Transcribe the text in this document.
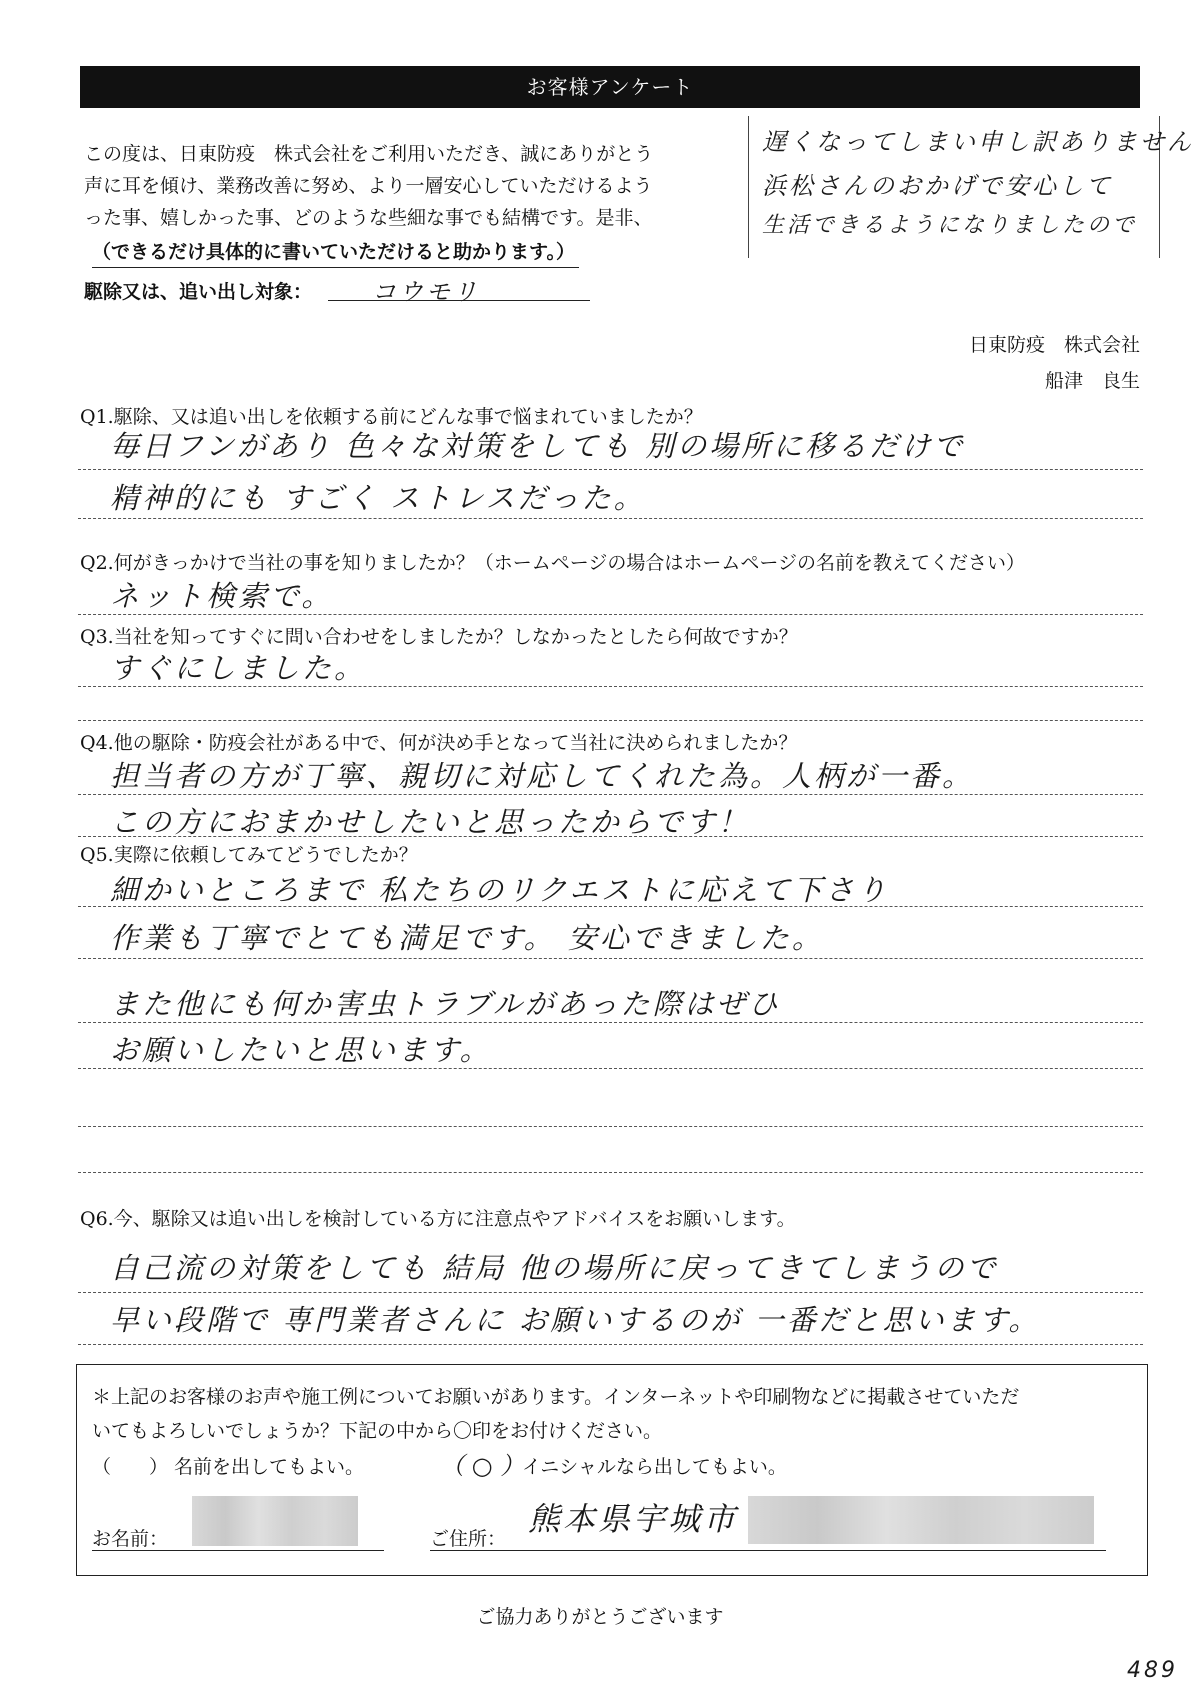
お客様アンケート
この度は、日東防疫　株式会社をご利用いただき、誠にありがとう
声に耳を傾け、業務改善に努め、より一層安心していただけるよう
った事、嬉しかった事、どのような些細な事でも結構です。是非、
（できるだけ具体的に書いていただけると助かります。）
駆除又は、追い出し対象： コウモリ
遅くなってしまい申し訳ありません
浜松さんのおかげで安心して
生活できるようになりましたので
日東防疫　株式会社
船津　良生
Q1.駆除、又は追い出しを依頼する前にどんな事で悩まれていましたか？
毎日フンがあり 色々な対策をしても 別の場所に移るだけで
精神的にも すごく ストレスだった。
Q2.何がきっかけで当社の事を知りましたか？（ホームページの場合はホームページの名前を教えてください）
ネット検索で。
Q3.当社を知ってすぐに問い合わせをしましたか？しなかったとしたら何故ですか？
すぐにしました。
Q4.他の駆除・防疫会社がある中で、何が決め手となって当社に決められましたか？
担当者の方が丁寧、親切に対応してくれた為。人柄が一番。
この方におまかせしたいと思ったからです！
Q5.実際に依頼してみてどうでしたか？
細かいところまで 私たちのリクエストに応えて下さり
作業も丁寧でとても満足です。 安心できました。
また他にも何か害虫トラブルがあった際はぜひ
お願いしたいと思います。
Q6.今、駆除又は追い出しを検討している方に注意点やアドバイスをお願いします。
自己流の対策をしても 結局 他の場所に戻ってきてしまうので
早い段階で 専門業者さんに お願いするのが 一番だと思います。
＊上記のお客様のお声や施工例についてお願いがあります。インターネットや印刷物などに掲載させていただ
いてもよろしいでしょうか？下記の中から〇印をお付けください。
（　　） 名前を出してもよい。	（ ○ ）
イニシャルなら出してもよい。
お名前：	ご住所：
熊本県宇城市
ご協力ありがとうございます
489
